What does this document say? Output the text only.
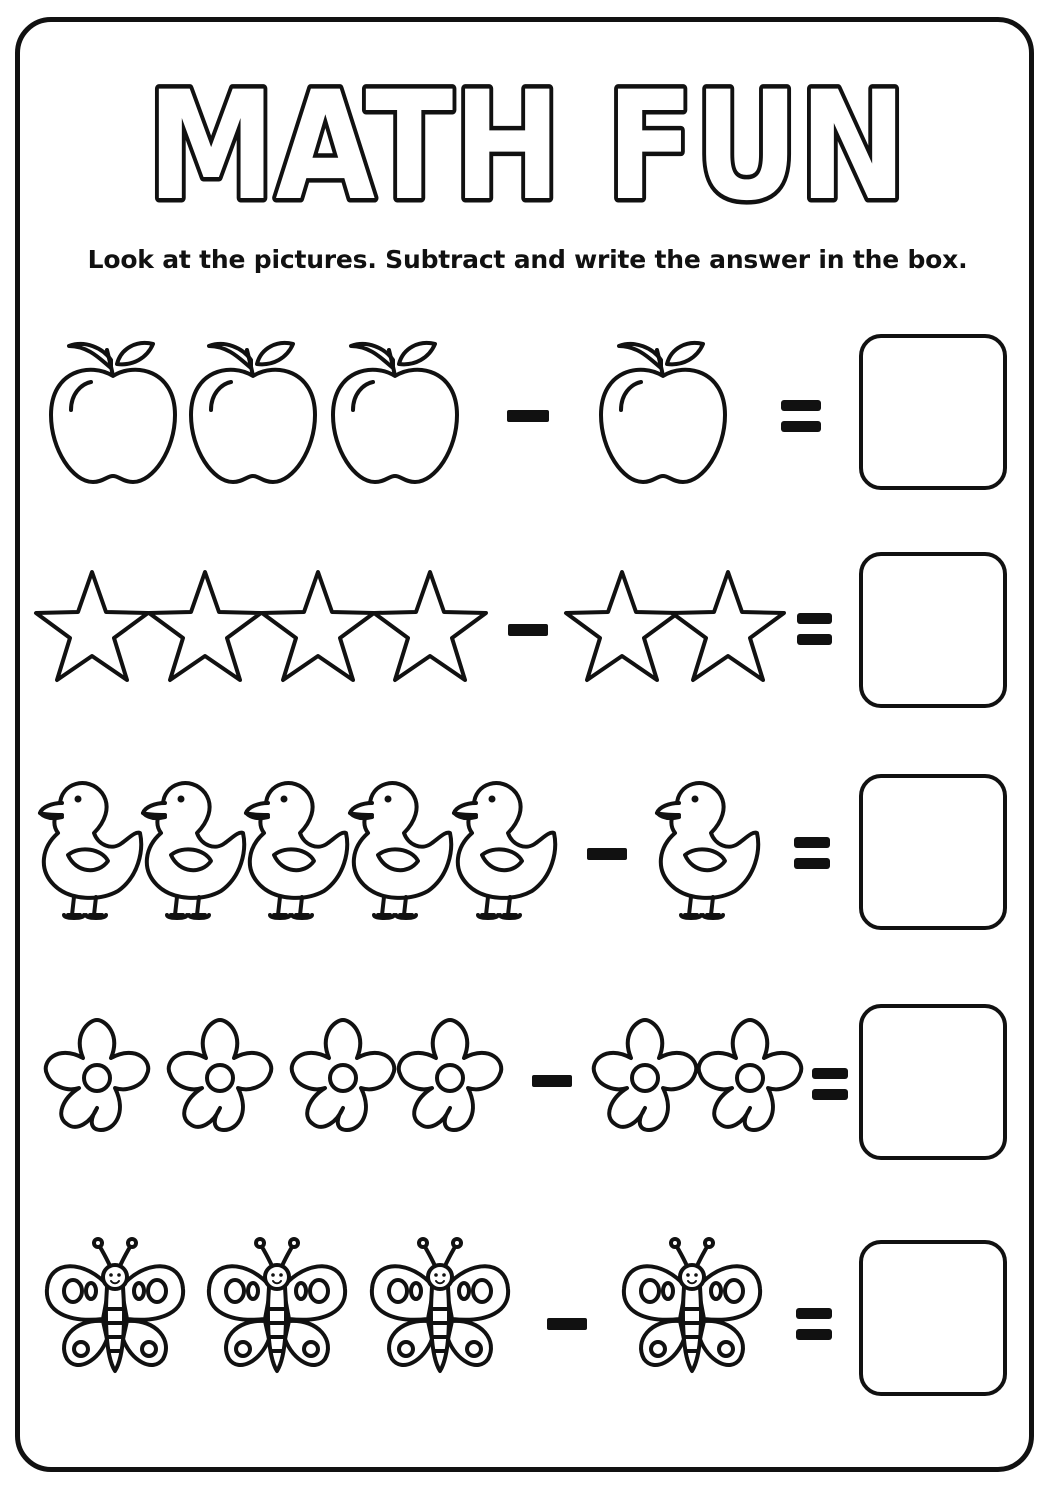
MATH FUN
Look at the pictures. Subtract and write the answer in the box.
